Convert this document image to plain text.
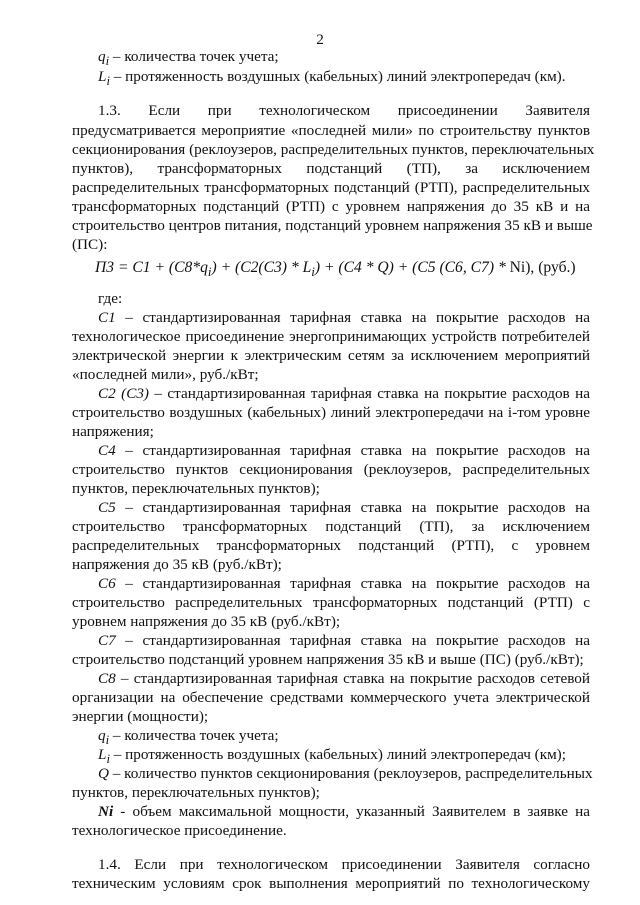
2
$q_i$ – количества точек учета;
$L_i$ – протяженность воздушных (кабельных) линий электропередач (км).
1.3. Если при технологическом присоединении Заявителя
предусматривается мероприятие «последней мили» по строительству пунктов
секционирования (реклоузеров, распределительных пунктов, переключательных
пунктов), трансформаторных подстанций (ТП), за исключением
распределительных трансформаторных подстанций (РТП), распределительных
трансформаторных подстанций (РТП) с уровнем напряжения до 35 кВ и на
строительство центров питания, подстанций уровнем напряжения 35 кВ и выше
(ПС):
$П3 = С1 + (С8*q_i) + (С2(С3) * L_i) + (С4 * Q) + (С5$ (С6, С7) * Ni), (руб.)
где:
С1 – стандартизированная тарифная ставка на покрытие расходов на
технологическое присоединение энергопринимающих устройств потребителей
электрической энергии к электрическим сетям за исключением мероприятий
«последней мили», руб./кВт;
С2 (С3) – стандартизированная тарифная ставка на покрытие расходов на
строительство воздушных (кабельных) линий электропередачи на i-том уровне
напряжения;
С4 – стандартизированная тарифная ставка на покрытие расходов на
строительство пунктов секционирования (реклоузеров, распределительных
пунктов, переключательных пунктов);
С5 – стандартизированная тарифная ставка на покрытие расходов на
строительство трансформаторных подстанций (ТП), за исключением
распределительных трансформаторных подстанций (РТП), с уровнем
напряжения до 35 кВ (руб./кВт);
С6 – стандартизированная тарифная ставка на покрытие расходов на
строительство распределительных трансформаторных подстанций (РТП) с
уровнем напряжения до 35 кВ (руб./кВт);
С7 – стандартизированная тарифная ставка на покрытие расходов на
строительство подстанций уровнем напряжения 35 кВ и выше (ПС) (руб./кВт);
С8 – стандартизированная тарифная ставка на покрытие расходов сетевой
организации на обеспечение средствами коммерческого учета электрической
энергии (мощности);
$q_i$ – количества точек учета;
$L_i$ – протяженность воздушных (кабельных) линий электропередач (км);
Q – количество пунктов секционирования (реклоузеров, распределительных
пунктов, переключательных пунктов);
Ni - объем максимальной мощности, указанный Заявителем в заявке на
технологическое присоединение.
1.4. Если при технологическом присоединении Заявителя согласно
техническим условиям срок выполнения мероприятий по технологическому
